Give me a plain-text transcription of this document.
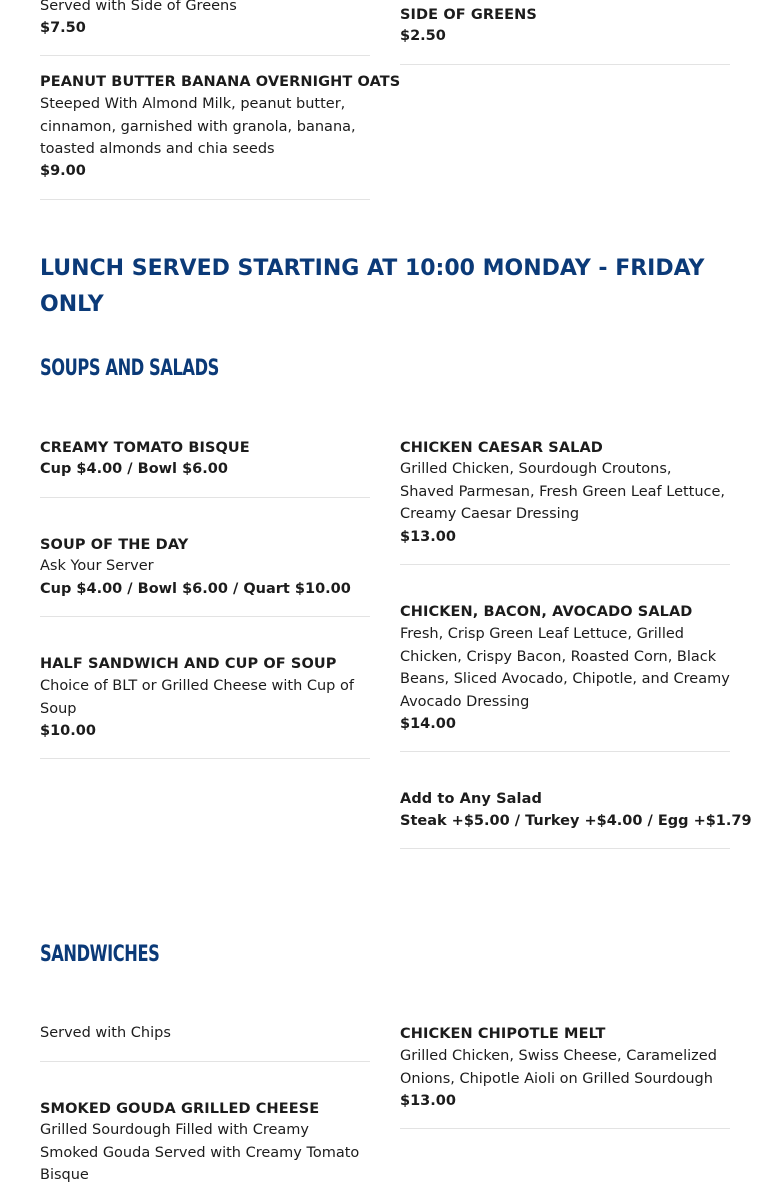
Served with Side of Greens
$7.50
PEANUT BUTTER BANANA OVERNIGHT OATS
Steeped With Almond Milk, peanut butter, cinnamon, garnished with granola, banana, toasted almonds and chia seeds
$9.00
SIDE OF GREENS
$2.50
LUNCH SERVED STARTING AT 10:00 MONDAY - FRIDAY ONLY
SOUPS AND SALADS
CREAMY TOMATO BISQUE
Cup $4.00 / Bowl $6.00
SOUP OF THE DAY
Ask Your Server
Cup $4.00 / Bowl $6.00 / Quart $10.00
HALF SANDWICH AND CUP OF SOUP
Choice of BLT or Grilled Cheese with Cup of Soup
$10.00
CHICKEN CAESAR SALAD
Grilled Chicken, Sourdough Croutons, Shaved Parmesan, Fresh Green Leaf Lettuce, Creamy Caesar Dressing
$13.00
CHICKEN, BACON, AVOCADO SALAD
Fresh, Crisp Green Leaf Lettuce, Grilled Chicken, Crispy Bacon, Roasted Corn, Black Beans, Sliced Avocado, Chipotle, and Creamy Avocado Dressing
$14.00
Add to Any Salad
Steak +$5.00 / Turkey +$4.00 / Egg +$1.79
SANDWICHES
Served with Chips
SMOKED GOUDA GRILLED CHEESE
Grilled Sourdough Filled with Creamy Smoked Gouda Served with Creamy Tomato Bisque
CHICKEN CHIPOTLE MELT
Grilled Chicken, Swiss Cheese, Caramelized Onions, Chipotle Aioli on Grilled Sourdough
$13.00
